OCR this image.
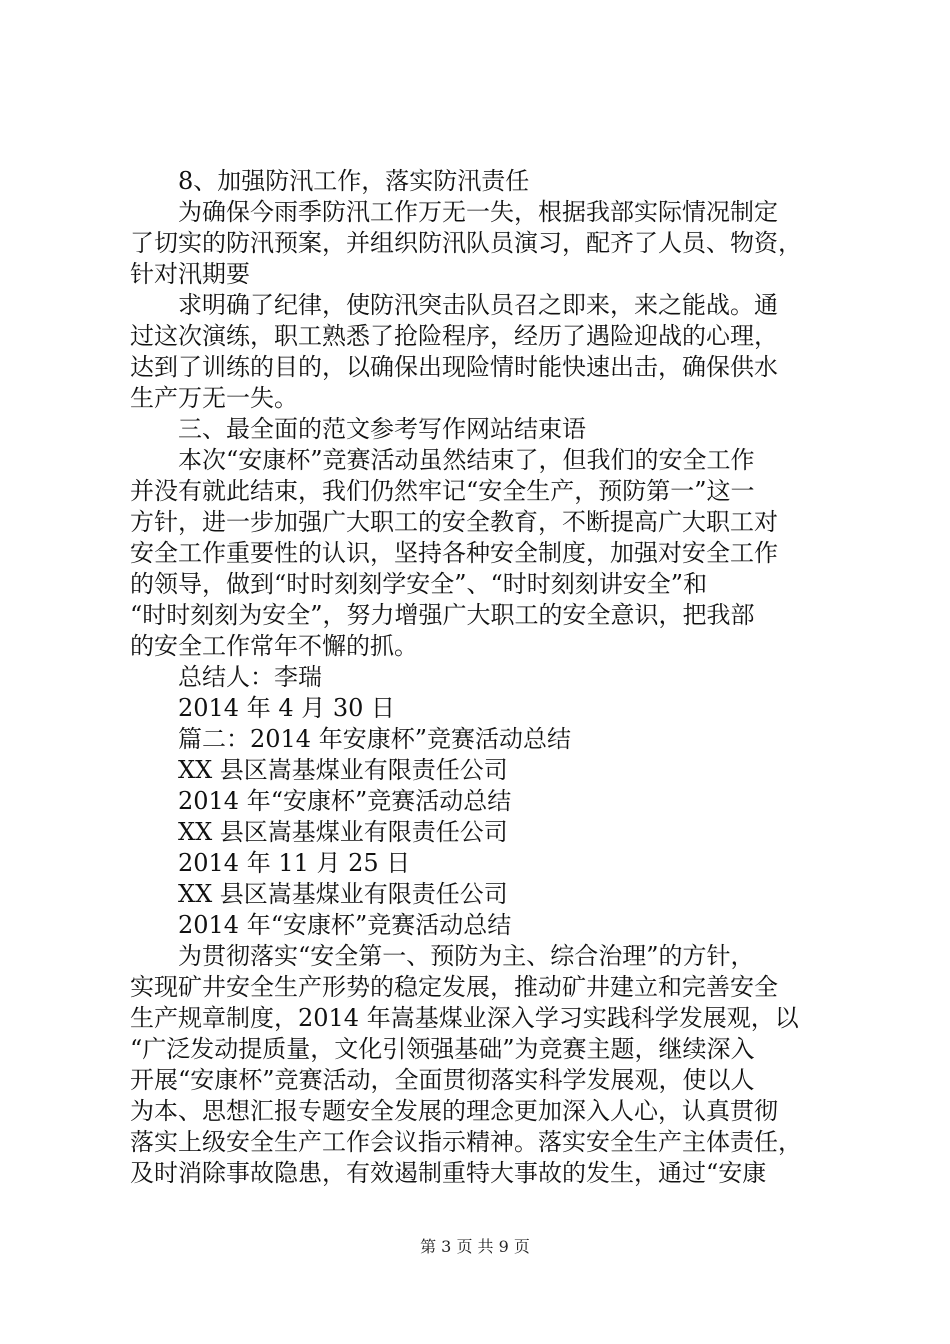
8、加强防汛工作，落实防汛责任
为确保今雨季防汛工作万无一失，根据我部实际情况制定
了切实的防汛预案，并组织防汛队员演习，配齐了人员、物资，
针对汛期要
求明确了纪律，使防汛突击队员召之即来，来之能战。通
过这次演练，职工熟悉了抢险程序，经历了遇险迎战的心理，
达到了训练的目的，以确保出现险情时能快速出击，确保供水
生产万无一失。
三、最全面的范文参考写作网站结束语
本次“安康杯”竞赛活动虽然结束了，但我们的安全工作
并没有就此结束，我们仍然牢记“安全生产，预防第一”这一
方针，进一步加强广大职工的安全教育，不断提高广大职工对
安全工作重要性的认识，坚持各种安全制度，加强对安全工作
的领导，做到“时时刻刻学安全”、“时时刻刻讲安全”和
“时时刻刻为安全”，努力增强广大职工的安全意识，把我部
的安全工作常年不懈的抓。
总结人：李瑞
2014 年 4 月 30 日
篇二：2014 年安康杯”竞赛活动总结
XX 县区嵩基煤业有限责任公司
2014 年“安康杯”竞赛活动总结
XX 县区嵩基煤业有限责任公司
2014 年 11 月 25 日
XX 县区嵩基煤业有限责任公司
2014 年“安康杯”竞赛活动总结
为贯彻落实“安全第一、预防为主、综合治理”的方针，
实现矿井安全生产形势的稳定发展，推动矿井建立和完善安全
生产规章制度，2014 年嵩基煤业深入学习实践科学发展观，以
“广泛发动提质量，文化引领强基础”为竞赛主题，继续深入
开展“安康杯”竞赛活动，全面贯彻落实科学发展观，使以人
为本、思想汇报专题安全发展的理念更加深入人心，认真贯彻
落实上级安全生产工作会议指示精神。落实安全生产主体责任，
及时消除事故隐患，有效遏制重特大事故的发生，通过“安康
第 3 页 共 9 页
